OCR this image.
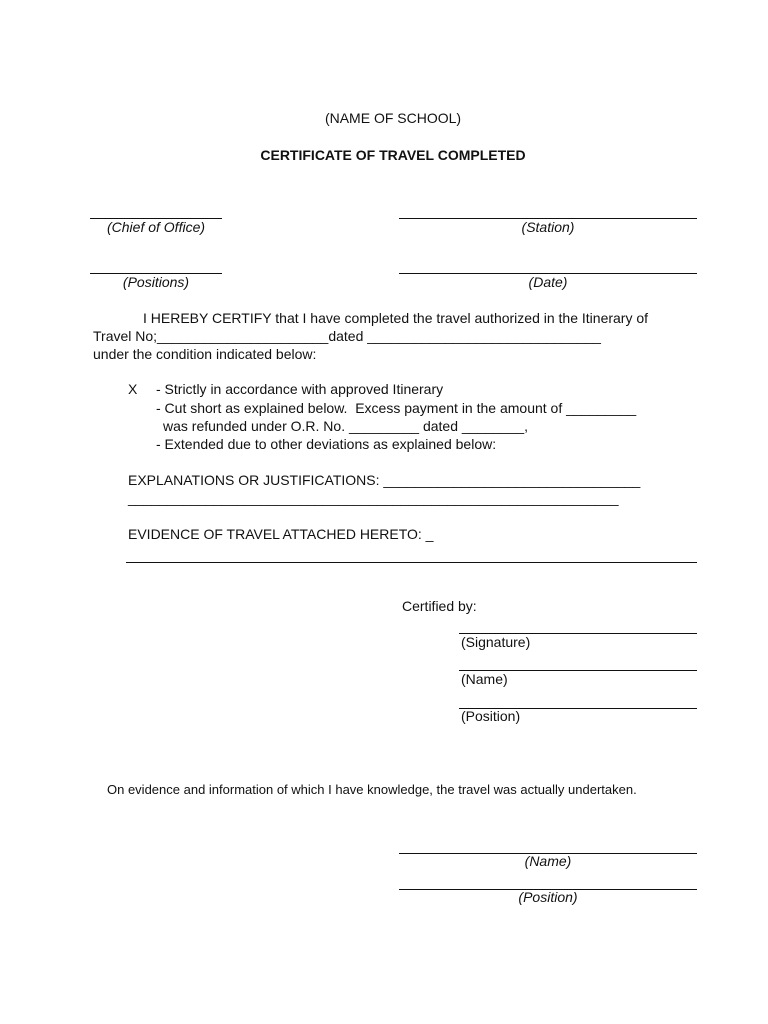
(NAME OF SCHOOL)
CERTIFICATE OF TRAVEL COMPLETED
(Chief of Office)	(Station)
(Positions)	(Date)
I HEREBY CERTIFY that I have completed the travel authorized in the Itinerary of
Travel No;______________________dated ______________________________
under the condition indicated below:
X - Strictly in accordance with approved Itinerary
- Cut short as explained below.  Excess payment in the amount of _________
was refunded under O.R. No. _________ dated ________,
- Extended due to other deviations as explained below:
EXPLANATIONS OR JUSTIFICATIONS: _________________________________
_______________________________________________________________
EVIDENCE OF TRAVEL ATTACHED HERETO: _
Certified by:
(Signature)
(Name)
(Position)
On evidence and information of which I have knowledge, the travel was actually undertaken.
(Name)
(Position)
